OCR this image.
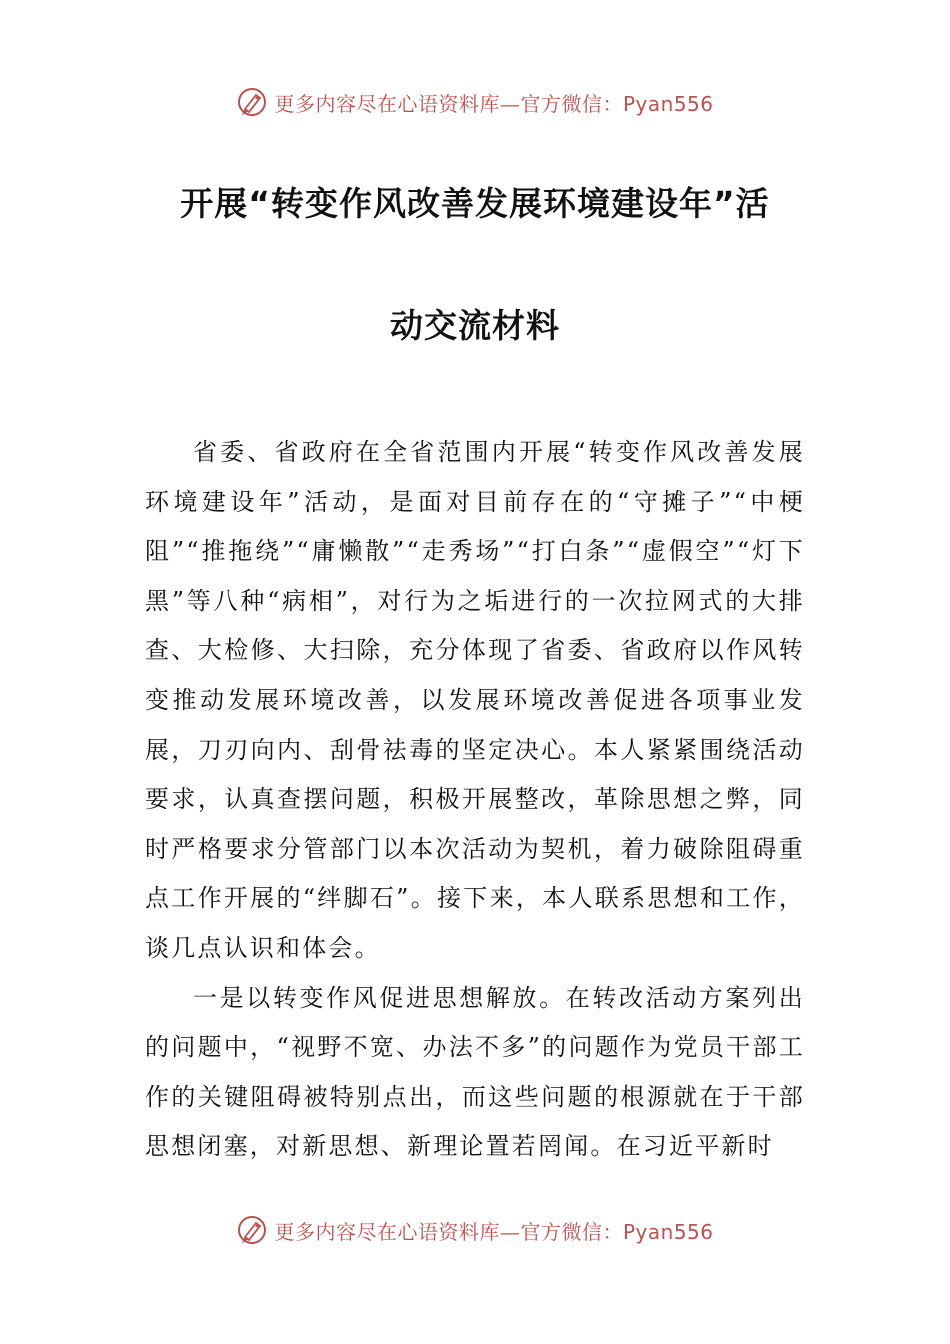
更多内容尽在心语资料库—官方微信：Pyan556
开展“转变作风改善发展环境建设年”活
动交流材料

省委、省政府在全省范围内开展“转变作风改善发展环境建设年”活动，是面对目前存在的“守摊子”“中梗阻”“推拖绕”“庸懒散”“走秀场”“打白条”“虚假空”“灯下黑”等八种“病相”，对行为之垢进行的一次拉网式的大排查、大检修、大扫除，充分体现了省委、省政府以作风转变推动发展环境改善，以发展环境改善促进各项事业发展，刀刃向内、刮骨祛毒的坚定决心。本人紧紧围绕活动要求，认真查摆问题，积极开展整改，革除思想之弊，同时严格要求分管部门以本次活动为契机，着力破除阻碍重点工作开展的“绊脚石”。接下来，本人联系思想和工作，谈几点认识和体会。

一是以转变作风促进思想解放。在转改活动方案列出的问题中，“视野不宽、办法不多”的问题作为党员干部工作的关键阻碍被特别点出，而这些问题的根源就在于干部思想闭塞，对新思想、新理论置若罔闻。在习近平新时

更多内容尽在心语资料库—官方微信：Pyan556
